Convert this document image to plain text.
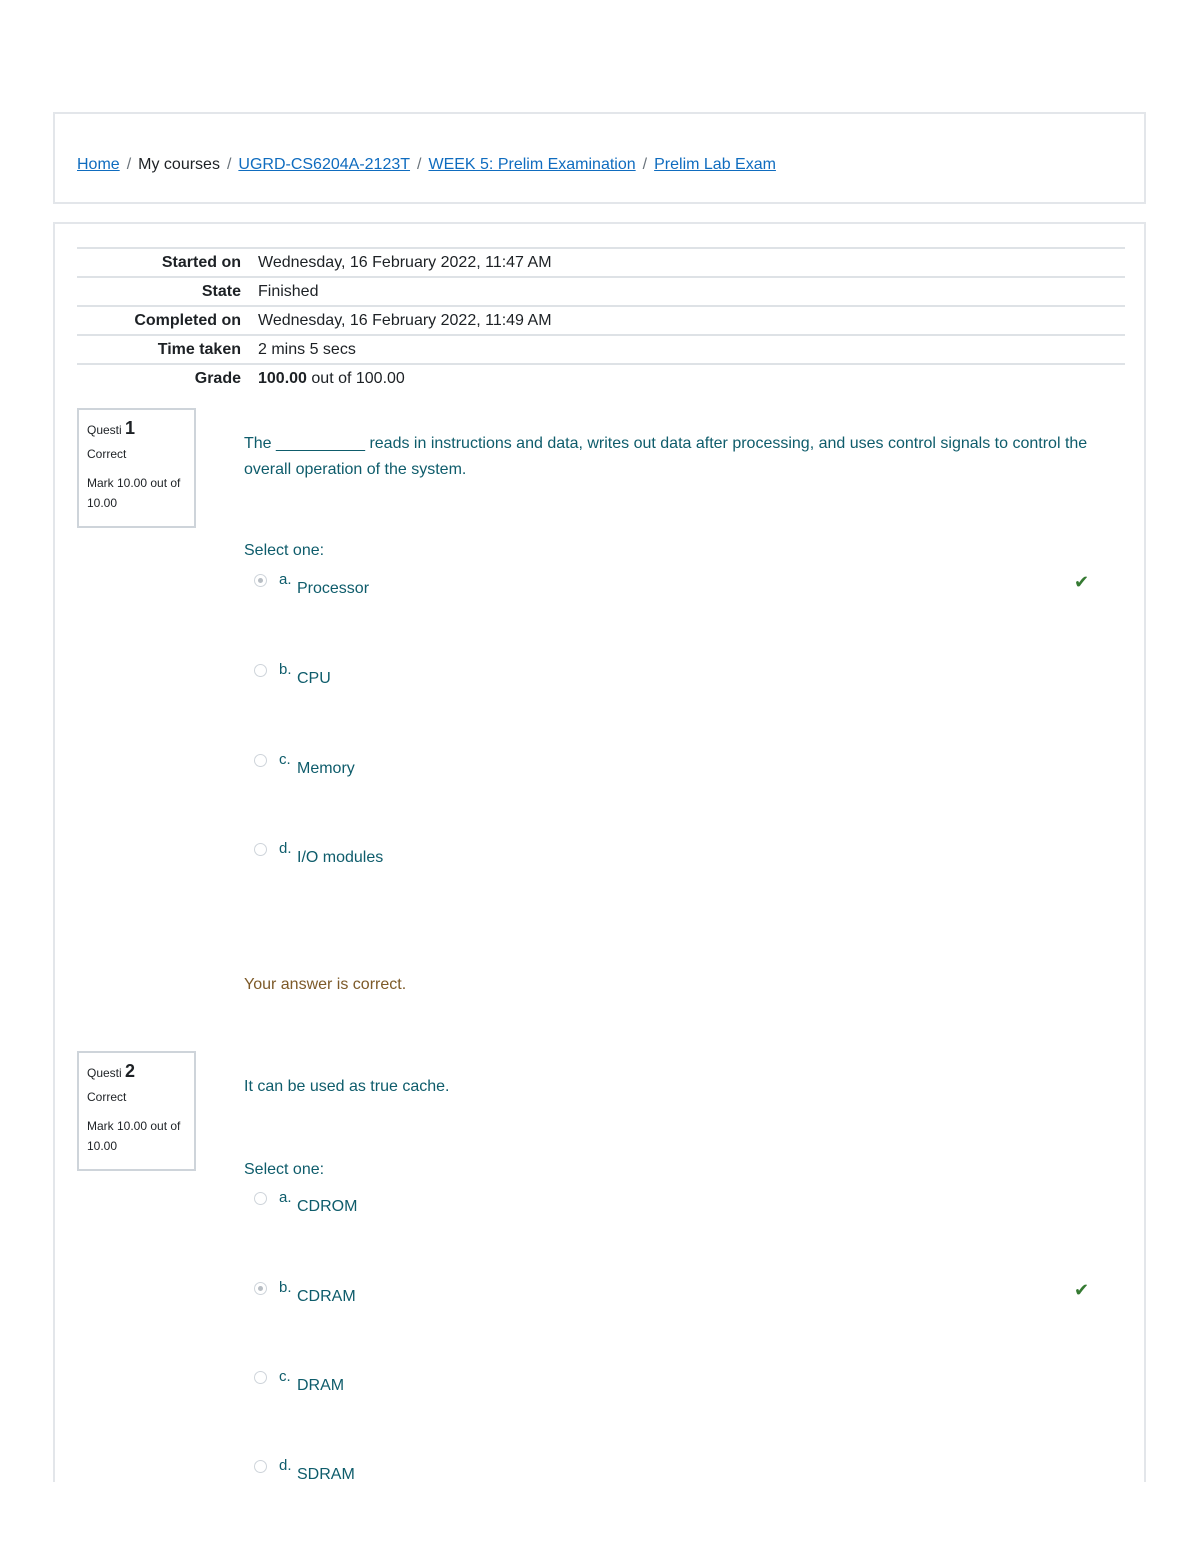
Home / My courses / UGRD-CS6204A-2123T / WEEK 5: Prelim Examination / Prelim Lab Exam
Started on	Wednesday, 16 February 2022, 11:47 AM
State	Finished
Completed on	Wednesday, 16 February 2022, 11:49 AM
Time taken	2 mins 5 secs
Grade	100.00 out of 100.00
Questi 1
Correct
Mark 10.00 out of 10.00
The __________ reads in instructions and data, writes out data after processing, and uses control signals to control the overall operation of the system.
Select one:
a.
Processor	✔
b.
CPU
c.
Memory
d.
I/O modules
Your answer is correct.
Questi 2
Correct
Mark 10.00 out of 10.00
It can be used as true cache.
Select one:
a.
CDROM
b.
CDRAM	✔
c.
DRAM
d.
SDRAM
